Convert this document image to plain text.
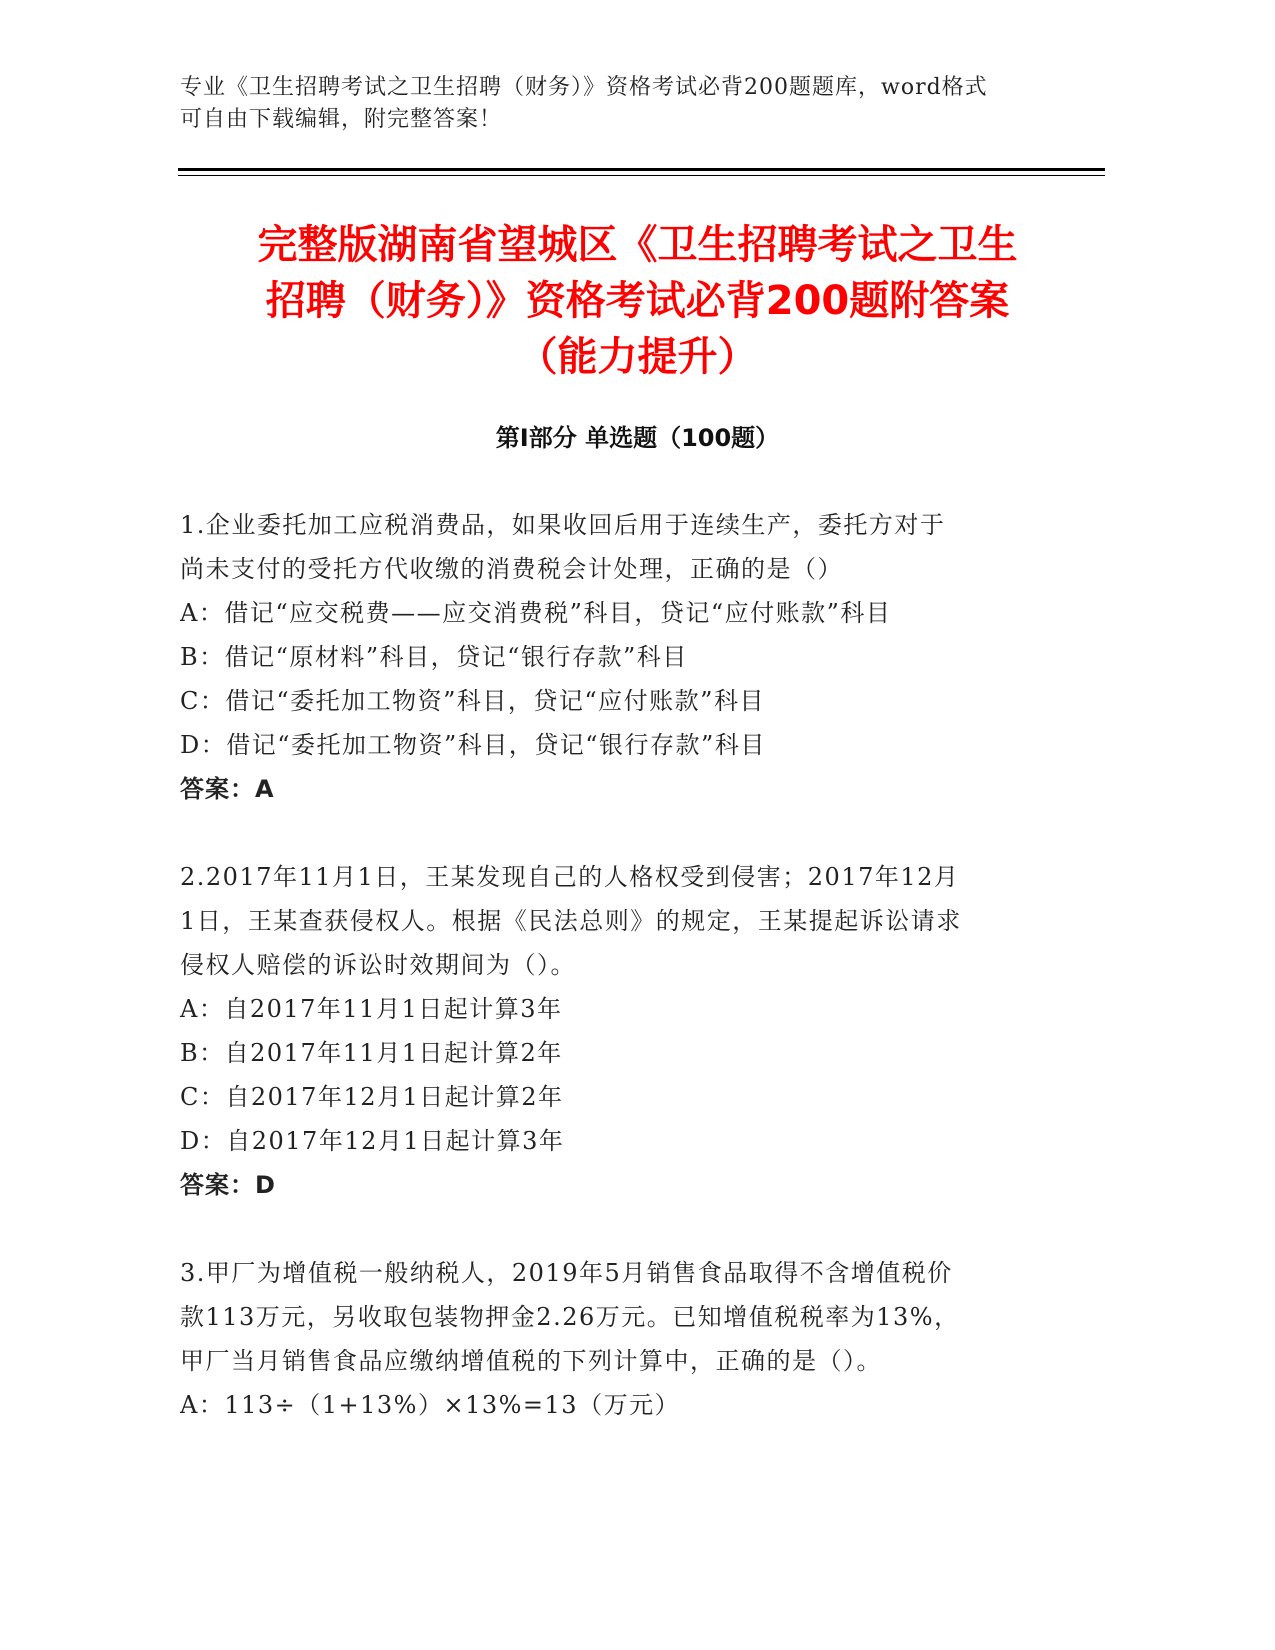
专业《卫生招聘考试之卫生招聘（财务）》资格考试必背200题题库，word格式
可自由下载编辑，附完整答案！
完整版湖南省望城区《卫生招聘考试之卫生
招聘（财务）》资格考试必背200题附答案
（能力提升）
第Ⅰ部分 单选题（100题）
1.企业委托加工应税消费品，如果收回后用于连续生产，委托方对于
尚未支付的受托方代收缴的消费税会计处理，正确的是（）
A：借记“应交税费——应交消费税”科目，贷记“应付账款”科目
B：借记“原材料”科目，贷记“银行存款”科目
C：借记“委托加工物资”科目，贷记“应付账款”科目
D：借记“委托加工物资”科目，贷记“银行存款”科目
答案：A
2.2017年11月1日，王某发现自己的人格权受到侵害；2017年12月
1日，王某查获侵权人。根据《民法总则》的规定，王某提起诉讼请求
侵权人赔偿的诉讼时效期间为（）。
A：自2017年11月1日起计算3年
B：自2017年11月1日起计算2年
C：自2017年12月1日起计算2年
D：自2017年12月1日起计算3年
答案：D
3.甲厂为增值税一般纳税人，2019年5月销售食品取得不含增值税价
款113万元，另收取包装物押金2.26万元。已知增值税税率为13%，
甲厂当月销售食品应缴纳增值税的下列计算中，正确的是（）。
A：113÷（1+13%）×13%=13（万元）
